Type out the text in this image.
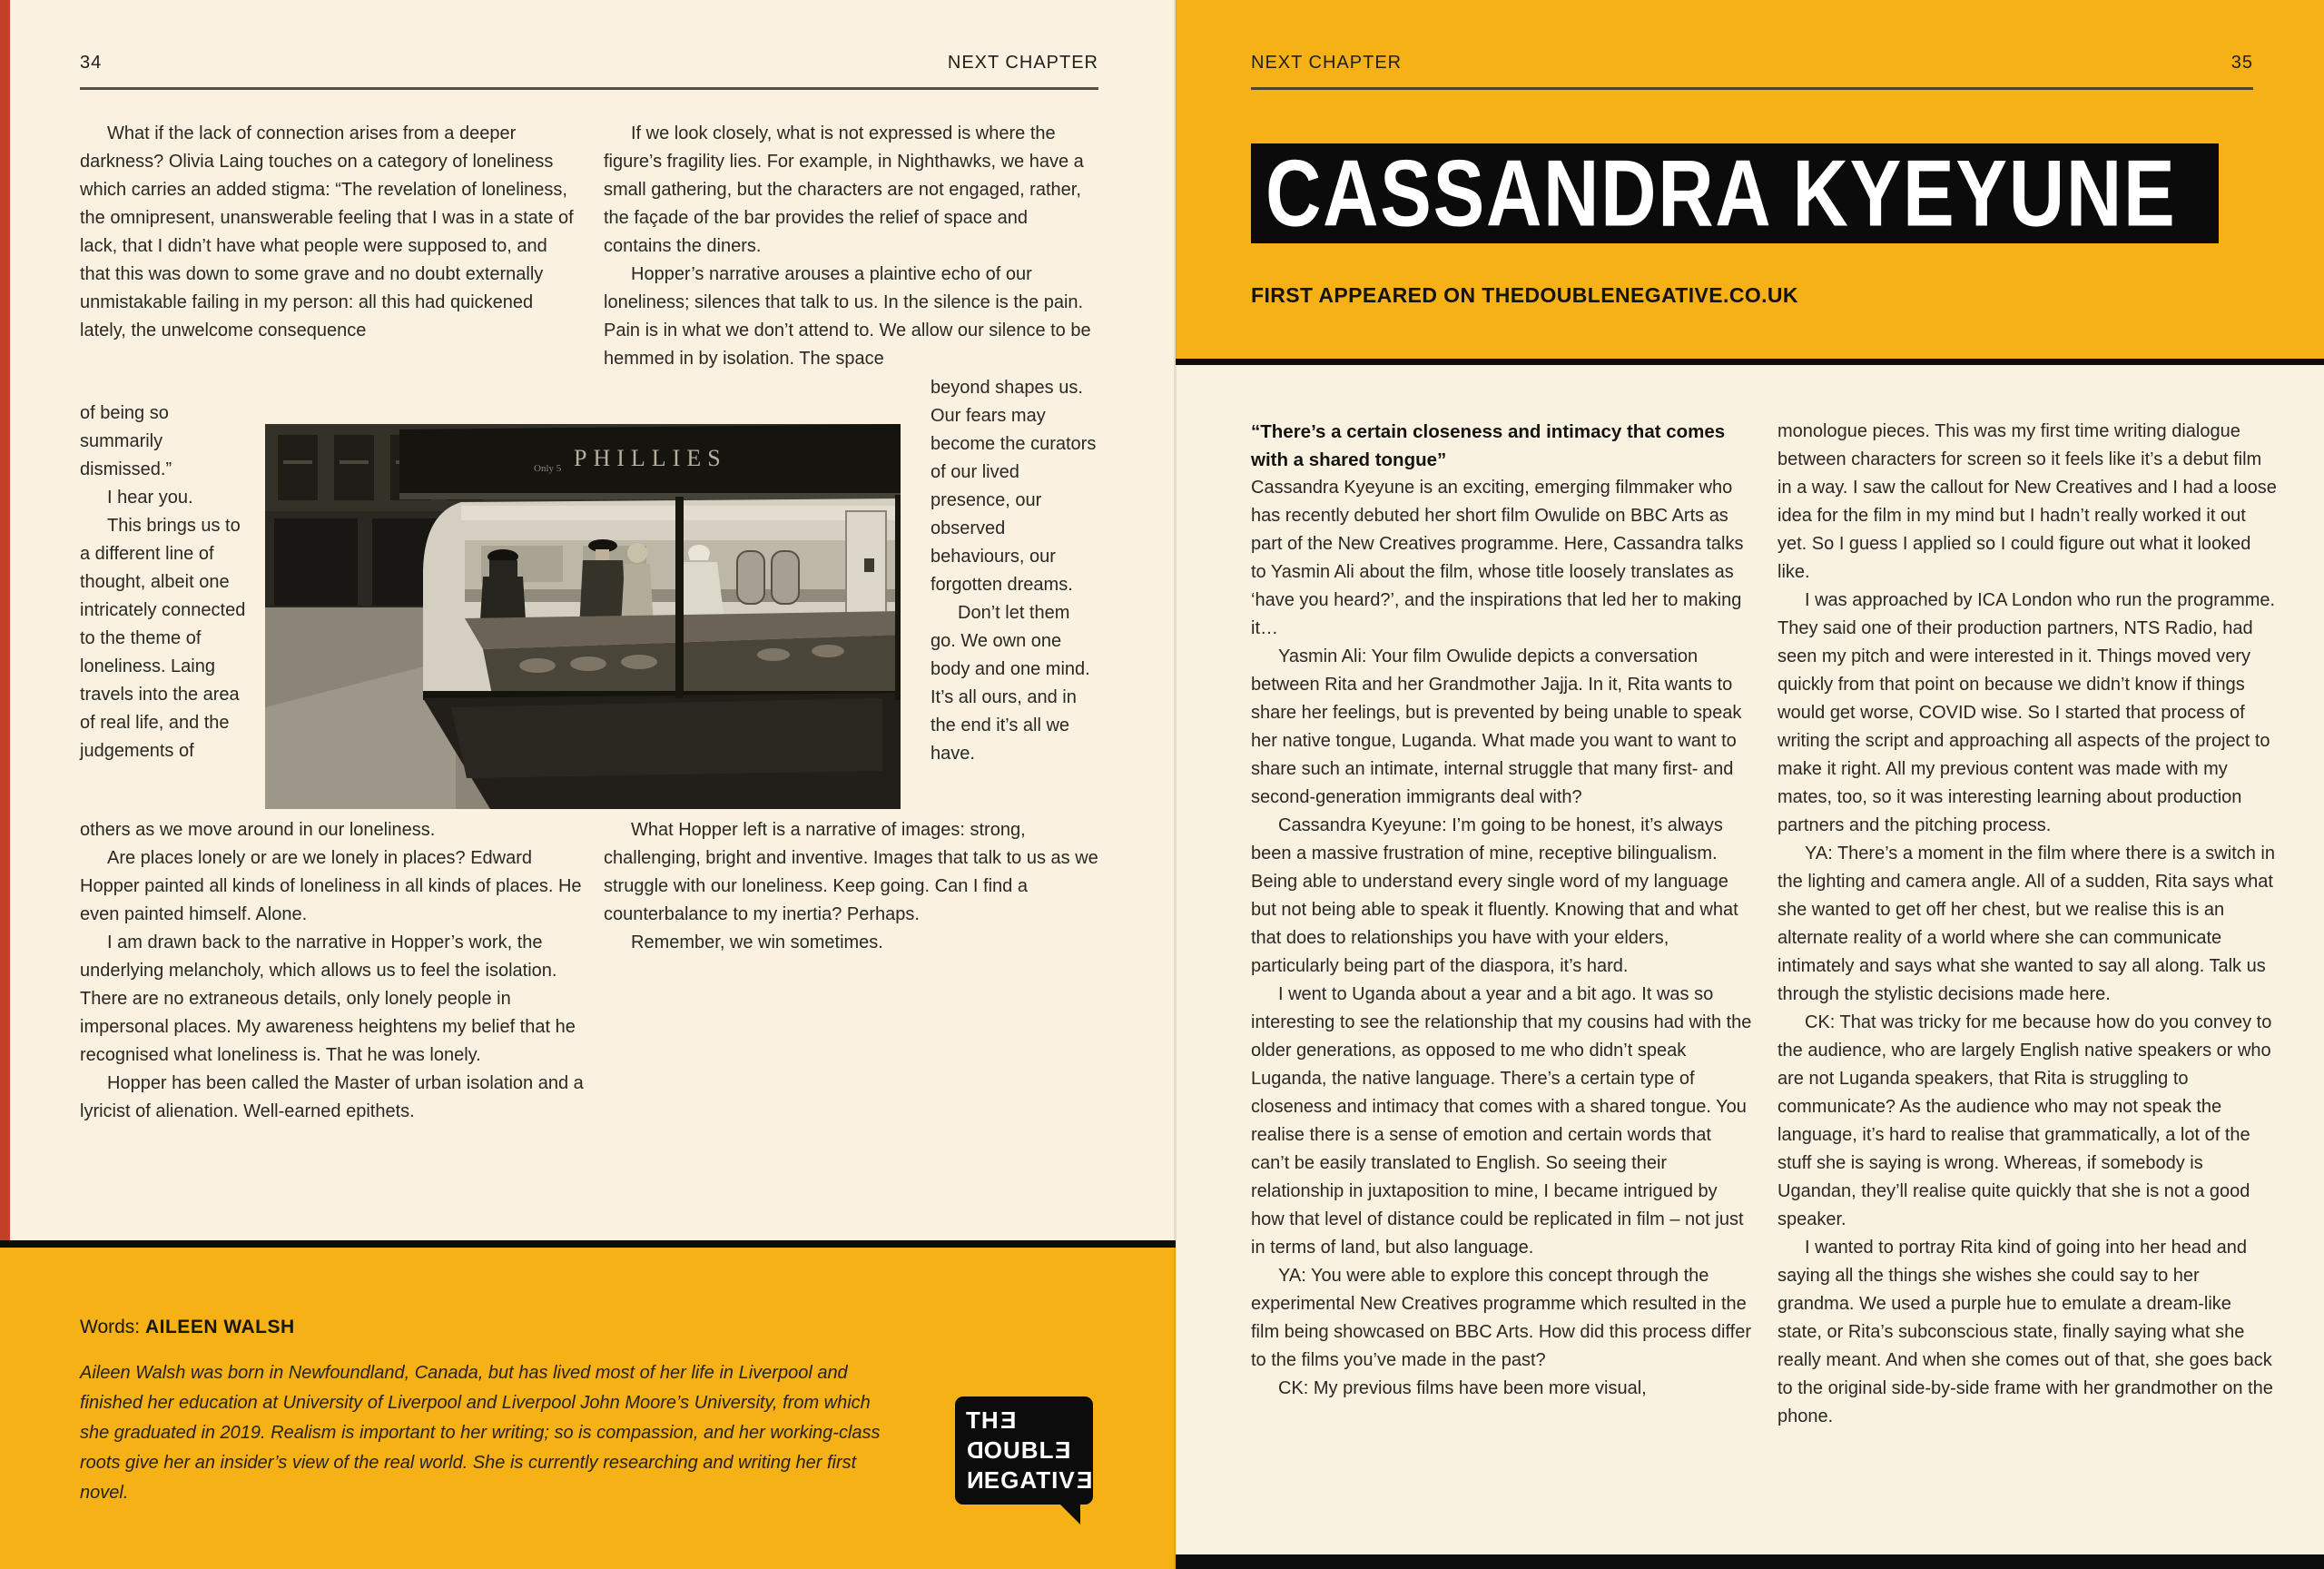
34	NEXT CHAPTER

What if the lack of connection arises from a deeper darkness? Olivia Laing touches on a category of loneliness which carries an added stigma: “The revelation of loneliness, the omnipresent, unanswerable feeling that I was in a state of lack, that I didn’t have what people were supposed to, and that this was down to some grave and no doubt externally unmistakable failing in my person: all this had quickened lately, the unwelcome consequence

If we look closely, what is not expressed is where the figure’s fragility lies. For example, in Nighthawks, we have a small gathering, but the characters are not engaged, rather, the façade of the bar provides the relief of space and contains the diners.

Hopper’s narrative arouses a plaintive echo of our loneliness; silences that talk to us. In the silence is the pain. Pain is in what we don’t attend to. We allow our silence to be hemmed in by isolation. The space

of being so summarily dismissed.”

I hear you.

This brings us to a different line of thought, albeit one intricately connected to the theme of loneliness. Laing travels into the area of real life, and the judgements of

beyond shapes us. Our fears may become the curators of our lived presence, our observed behaviours, our forgotten dreams.

Don’t let them go. We own one body and one mind. It’s all ours, and in the end it’s all we have.

others as we move around in our loneliness.

Are places lonely or are we lonely in places? Edward Hopper painted all kinds of loneliness in all kinds of places. He even painted himself. Alone.

I am drawn back to the narrative in Hopper’s work, the underlying melancholy, which allows us to feel the isolation. There are no extraneous details, only lonely people in impersonal places. My awareness heightens my belief that he recognised what loneliness is. That he was lonely.

Hopper has been called the Master of urban isolation and a lyricist of alienation. Well-earned epithets.

What Hopper left is a narrative of images: strong, challenging, bright and inventive. Images that talk to us as we struggle with our loneliness. Keep going. Can I find a counterbalance to my inertia? Perhaps.

Remember, we win sometimes.

Only 5 PHILLIES
Words: AILEEN WALSH
Aileen Walsh was born in Newfoundland, Canada, but has lived most of her life in Liverpool and finished her education at University of Liverpool and Liverpool John Moore’s University, from which she graduated in 2019. Realism is important to her writing; so is compassion, and her working-class roots give her an insider’s view of the real world. She is currently researching and writing her first novel.
THE
DOUBLE
NEGATIVE
NEXT CHAPTER	35
CASSANDRA KYEYUNE
FIRST APPEARED ON THEDOUBLENEGATIVE.CO.UK

“There’s a certain closeness and intimacy that comes with a shared tongue”

Cassandra Kyeyune is an exciting, emerging filmmaker who has recently debuted her short film Owulide on BBC Arts as part of the New Creatives programme. Here, Cassandra talks to Yasmin Ali about the film, whose title loosely translates as ‘have you heard?’, and the inspirations that led her to making it…

Yasmin Ali: Your film Owulide depicts a conversation between Rita and her Grandmother Jajja. In it, Rita wants to share her feelings, but is prevented by being unable to speak her native tongue, Luganda. What made you want to want to share such an intimate, internal struggle that many first- and second-generation immigrants deal with?

Cassandra Kyeyune: I’m going to be honest, it’s always been a massive frustration of mine, receptive bilingualism. Being able to understand every single word of my language but not being able to speak it fluently. Knowing that and what that does to relationships you have with your elders, particularly being part of the diaspora, it’s hard.

I went to Uganda about a year and a bit ago. It was so interesting to see the relationship that my cousins had with the older generations, as opposed to me who didn’t speak Luganda, the native language. There’s a certain type of closeness and intimacy that comes with a shared tongue. You realise there is a sense of emotion and certain words that can’t be easily translated to English. So seeing their relationship in juxtaposition to mine, I became intrigued by how that level of distance could be replicated in film – not just in terms of land, but also language.

YA: You were able to explore this concept through the experimental New Creatives programme which resulted in the film being showcased on BBC Arts. How did this process differ to the films you’ve made in the past?

CK: My previous films have been more visual,

monologue pieces. This was my first time writing dialogue between characters for screen so it feels like it’s a debut film in a way. I saw the callout for New Creatives and I had a loose idea for the film in my mind but I hadn’t really worked it out yet. So I guess I applied so I could figure out what it looked like.

I was approached by ICA London who run the programme. They said one of their production partners, NTS Radio, had seen my pitch and were interested in it. Things moved very quickly from that point on because we didn’t know if things would get worse, COVID wise. So I started that process of writing the script and approaching all aspects of the project to make it right. All my previous content was made with my mates, too, so it was interesting learning about production partners and the pitching process.

YA: There’s a moment in the film where there is a switch in the lighting and camera angle. All of a sudden, Rita says what she wanted to get off her chest, but we realise this is an alternate reality of a world where she can communicate intimately and says what she wanted to say all along. Talk us through the stylistic decisions made here.

CK: That was tricky for me because how do you convey to the audience, who are largely English native speakers or who are not Luganda speakers, that Rita is struggling to communicate? As the audience who may not speak the language, it’s hard to realise that grammatically, a lot of the stuff she is saying is wrong. Whereas, if somebody is Ugandan, they’ll realise quite quickly that she is not a good speaker.

I wanted to portray Rita kind of going into her head and saying all the things she wishes she could say to her grandma. We used a purple hue to emulate a dream-like state, or Rita’s subconscious state, finally saying what she really meant. And when she comes out of that, she goes back to the original side-by-side frame with her grandmother on the phone.
